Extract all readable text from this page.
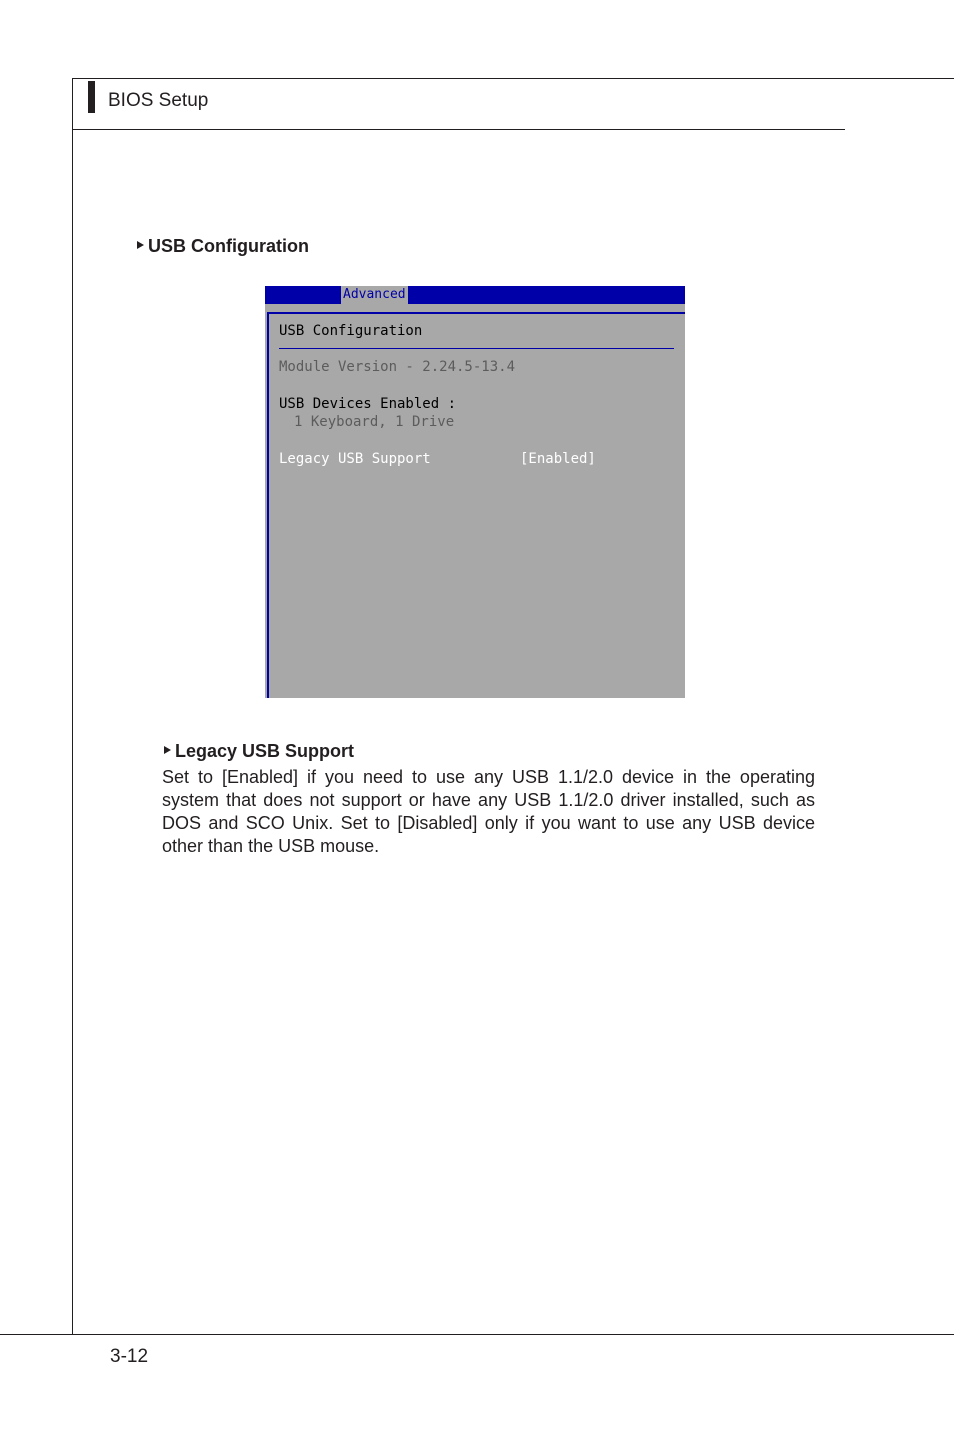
BIOS Setup
USB Configuration
Advanced
USB Configuration
Module Version - 2.24.5-13.4
USB Devices Enabled :
1 Keyboard, 1 Drive
Legacy USB Support	[Enabled]
Legacy USB Support
Set to [Enabled] if you need to use any USB 1.1/2.0 device in the operating system that does not support or have any USB 1.1/2.0 driver installed, such as DOS and SCO Unix. Set to [Disabled] only if you want to use any USB device other than the USB mouse.
3-12
